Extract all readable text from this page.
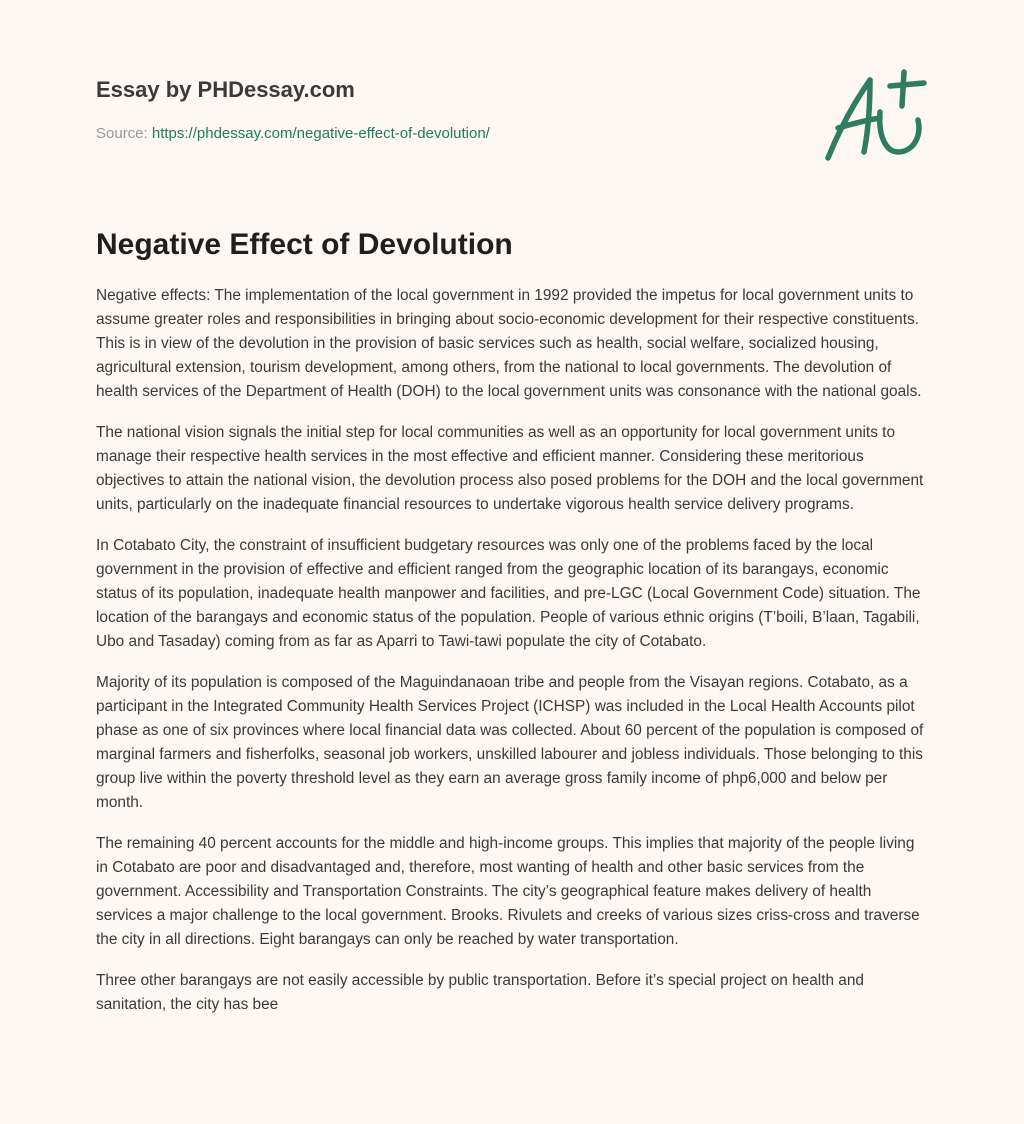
Essay by PHDessay.com
Source: https://phdessay.com/negative-effect-of-devolution/
Negative Effect of Devolution

Negative effects: The implementation of the local government in 1992 provided the impetus for local government units to assume greater roles and responsibilities in bringing about socio-economic development for their respective constituents. This is in view of the devolution in the provision of basic services such as health, social welfare, socialized housing, agricultural extension, tourism development, among others, from the national to local governments. The devolution of health services of the Department of Health (DOH) to the local government units was consonance with the national goals.

The national vision signals the initial step for local communities as well as an opportunity for local government units to manage their respective health services in the most effective and efficient manner. Considering these meritorious objectives to attain the national vision, the devolution process also posed problems for the DOH and the local government units, particularly on the inadequate financial resources to undertake vigorous health service delivery programs.

In Cotabato City, the constraint of insufficient budgetary resources was only one of the problems faced by the local government in the provision of effective and efficient ranged from the geographic location of its barangays, economic status of its population, inadequate health manpower and facilities, and pre-LGC (Local Government Code) situation. The location of the barangays and economic status of the population. People of various ethnic origins (T’boili, B’laan, Tagabili, Ubo and Tasaday) coming from as far as Aparri to Tawi-tawi populate the city of Cotabato.

Majority of its population is composed of the Maguindanaoan tribe and people from the Visayan regions. Cotabato, as a participant in the Integrated Community Health Services Project (ICHSP) was included in the Local Health Accounts pilot phase as one of six provinces where local financial data was collected. About 60 percent of the population is composed of marginal farmers and fisherfolks, seasonal job workers, unskilled labourer and jobless individuals. Those belonging to this group live within the poverty threshold level as they earn an average gross family income of php6,000 and below per month.

The remaining 40 percent accounts for the middle and high-income groups. This implies that majority of the people living in Cotabato are poor and disadvantaged and, therefore, most wanting of health and other basic services from the government. Accessibility and Transportation Constraints. The city’s geographical feature makes delivery of health services a major challenge to the local government. Brooks. Rivulets and creeks of various sizes criss-cross and traverse the city in all directions. Eight barangays can only be reached by water transportation.

Three other barangays are not easily accessible by public transportation. Before it’s special project on health and sanitation, the city has bee
